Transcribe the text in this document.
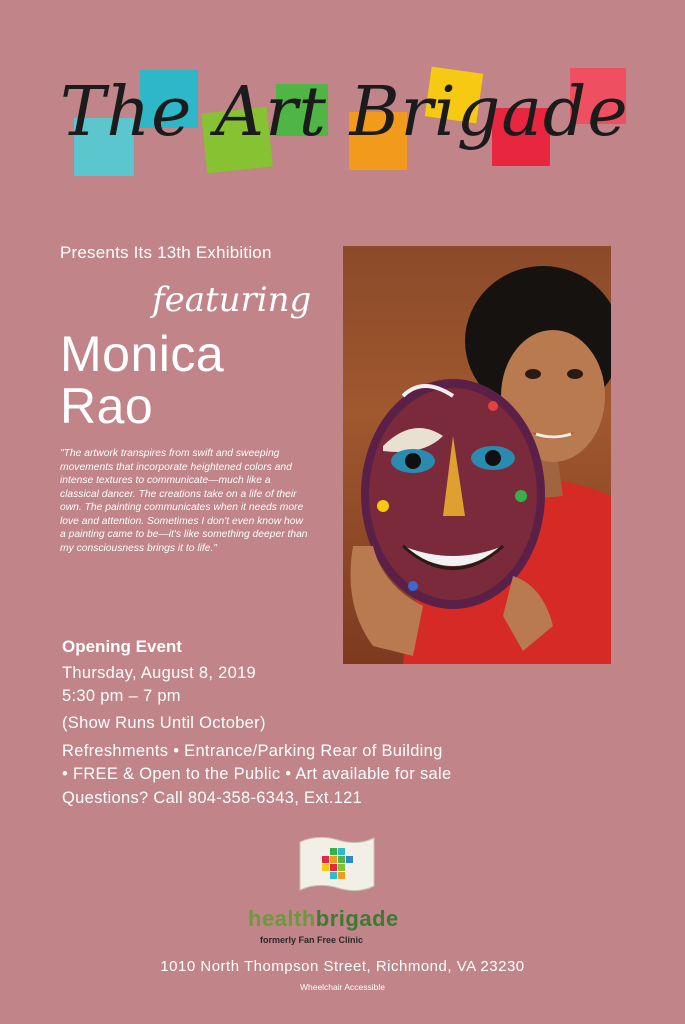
The Art Brigade
Presents Its 13th Exhibition
featuring
Monica
Rao
"The artwork transpires from swift and sweeping movements that incorporate heightened colors and intense textures to communicate—much like a classical dancer. The creations take on a life of their own. The painting communicates when it needs more love and attention. Sometimes I don't even know how a painting came to be—it's like something deeper than my consciousness brings it to life."
Opening Event
Thursday, August 8, 2019
5:30 pm – 7 pm
(Show Runs Until October)
Refreshments • Entrance/Parking Rear of Building
• FREE & Open to the Public • Art available for sale
Questions? Call 804-358-6343, Ext.121
healthbrigade
formerly Fan Free Clinic
1010 North Thompson Street, Richmond, VA 23230
Wheelchair Accessible
